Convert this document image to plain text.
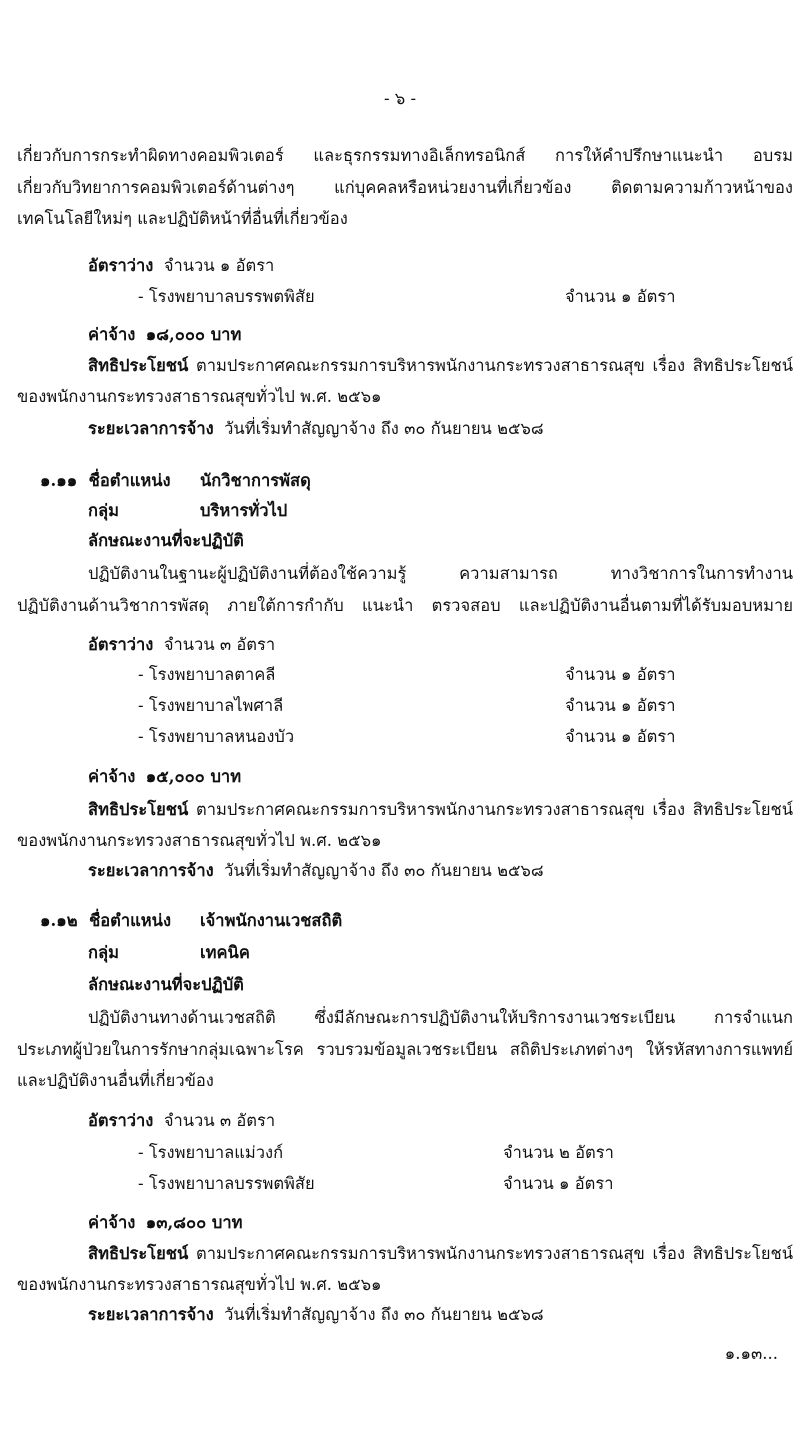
- ๖ -
เกี่ยวกับการกระทำผิดทางคอมพิวเตอร์ และธุรกรรมทางอิเล็กทรอนิกส์ การให้คำปรึกษาแนะนำ อบรม
เกี่ยวกับวิทยาการคอมพิวเตอร์ด้านต่างๆ แก่บุคคลหรือหน่วยงานที่เกี่ยวข้อง ติดตามความก้าวหน้าของ
เทคโนโลยีใหม่ๆ และปฏิบัติหน้าที่อื่นที่เกี่ยวข้อง
อัตราว่าง จำนวน ๑ อัตรา
- โรงพยาบาลบรรพตพิสัย	จำนวน ๑ อัตรา
ค่าจ้าง ๑๘,๐๐๐ บาท
สิทธิประโยชน์ ตามประกาศคณะกรรมการบริหารพนักงานกระทรวงสาธารณสุข เรื่อง สิทธิประโยชน์
ของพนักงานกระทรวงสาธารณสุขทั่วไป พ.ศ. ๒๕๖๑
ระยะเวลาการจ้าง วันที่เริ่มทำสัญญาจ้าง ถึง ๓๐ กันยายน ๒๕๖๘
๑.๑๑ ชื่อตำแหน่ง นักวิชาการพัสดุ
กลุ่ม	บริหารทั่วไป
ลักษณะงานที่จะปฏิบัติ
ปฏิบัติงานในฐานะผู้ปฏิบัติงานที่ต้องใช้ความรู้ ความสามารถ ทางวิชาการในการทำงาน
ปฏิบัติงานด้านวิชาการพัสดุ ภายใต้การกำกับ แนะนำ ตรวจสอบ และปฏิบัติงานอื่นตามที่ได้รับมอบหมาย
อัตราว่าง จำนวน ๓ อัตรา
- โรงพยาบาลตาคลี	จำนวน ๑ อัตรา
- โรงพยาบาลไพศาลี	จำนวน ๑ อัตรา
- โรงพยาบาลหนองบัว	จำนวน ๑ อัตรา
ค่าจ้าง ๑๕,๐๐๐ บาท
สิทธิประโยชน์ ตามประกาศคณะกรรมการบริหารพนักงานกระทรวงสาธารณสุข เรื่อง สิทธิประโยชน์
ของพนักงานกระทรวงสาธารณสุขทั่วไป พ.ศ. ๒๕๖๑
ระยะเวลาการจ้าง วันที่เริ่มทำสัญญาจ้าง ถึง ๓๐ กันยายน ๒๕๖๘
๑.๑๒ ชื่อตำแหน่ง เจ้าพนักงานเวชสถิติ
กลุ่ม	เทคนิค
ลักษณะงานที่จะปฏิบัติ
ปฏิบัติงานทางด้านเวชสถิติ ซึ่งมีลักษณะการปฏิบัติงานให้บริการงานเวชระเบียน การจำแนก
ประเภทผู้ป่วยในการรักษากลุ่มเฉพาะโรค รวบรวมข้อมูลเวชระเบียน สถิติประเภทต่างๆ ให้รหัสทางการแพทย์
และปฏิบัติงานอื่นที่เกี่ยวข้อง
อัตราว่าง จำนวน ๓ อัตรา
- โรงพยาบาลแม่วงก์	จำนวน ๒ อัตรา
- โรงพยาบาลบรรพตพิสัย	จำนวน ๑ อัตรา
ค่าจ้าง ๑๓,๘๐๐ บาท
สิทธิประโยชน์ ตามประกาศคณะกรรมการบริหารพนักงานกระทรวงสาธารณสุข เรื่อง สิทธิประโยชน์
ของพนักงานกระทรวงสาธารณสุขทั่วไป พ.ศ. ๒๕๖๑
ระยะเวลาการจ้าง วันที่เริ่มทำสัญญาจ้าง ถึง ๓๐ กันยายน ๒๕๖๘
๑.๑๓...
